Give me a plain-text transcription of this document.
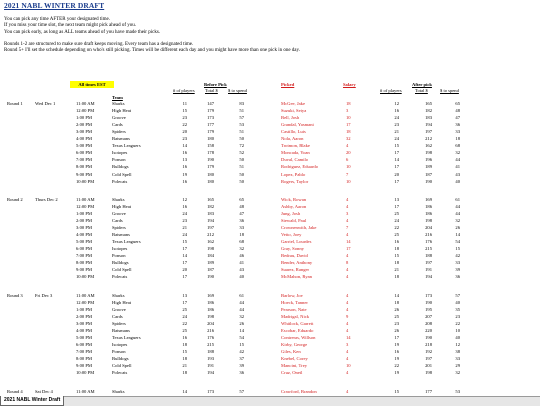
2021 NABL WINTER DRAFT
You can pick any time AFTER your designated time.
If you miss your time slot, the next team might pick ahead of you.
You can pick early, as long as ALL teams ahead of you have made their picks.

Rounds 1-2 are structured to make sure draft keeps moving. Every team has a designated time.
Round 5+ I'll set the schedule depending on who's still picking. Times will be different each day and you might have more than one pick in one day.
All times EST	Before Pick	Picked	Salary	After pick
# of players Total $ $ to spend	# of players	Total $	$ to spend
Team
Round 1	Wed Dec 1	11:00 AM	Sharks	11	147	83	McGee, Jake	18	12	165	65
12:00 PM	High Heat	15	179	51	Suzuki, Seiya	3	16	182	48
1:00 PM	Groove	23	173	57	Bell, Josh	10	24	183	47
2:00 PM	Cards	22	177	53	Grandal, Yasmani	17	23	194	36
3:00 PM	Spiders	20	179	51	Castillo, Luis	18	21	197	33
4:00 PM	Batsmans	23	180	50	Nola, Aaron	32	24	212	18
5:00 PM	Texas Leaguers	14	158	72	Trotmon, Blake	4	15	162	68
6:00 PM	Isotopes	16	178	52	Moncada, Yoan	20	17	198	32
7:00 PM	Ponson	13	190	50	Duval, Camilo	6	14	196	44
8:00 PM	Bulldogs	16	179	51	Rodriguez, Eduardo	10	17	189	41
9:00 PM	Cold Spell	19	180	50	Lopez, Pablo	7	20	187	43
10:00 PM	Polecats	16	180	50	Rogers, Taylor	10	17	190	40
Round 2	Thurs Dec 2	11:00 AM	Sharks	12	165	65	Wick, Rowan	4	13	169	61
12:00 PM	High Heat	16	182	48	Ashby, Aaron	4	17	186	44
1:00 PM	Groove	24	183	47	Jung, Josh	3	25	186	44
2:00 PM	Cards	23	194	36	Siewald, Paul	4	24	198	32
3:00 PM	Spiders	21	197	33	Crownenwith, Jake	7	22	204	26
4:00 PM	Batsmans	24	212	18	Vetto, Joey	4	25	216	14
5:00 PM	Texas Leaguers	15	162	68	Garriel, Lourdes	14	16	176	54
6:00 PM	Isotopes	17	198	32	Gray, Sonny	17	18	215	15
7:00 PM	Ponson	14	184	46	Bedrau, David	4	15	188	42
8:00 PM	Bulldogs	17	189	41	Bender, Anthony	8	18	197	33
9:00 PM	Cold Spell	20	187	43	Suarez, Ranger	4	21	191	39
10:00 PM	Polecats	17	190	40	McMahon, Ryan	4	18	194	36
Round 3	Fri Dec 3	11:00 AM	Sharks	13	169	61	Barlow, Joe	4	14	173	57
12:00 PM	High Heat	17	186	44	Hoeck, Tanner	4	18	190	40
1:00 PM	Groove	25	186	44	Pearson, Nate	4	26	195	35
2:00 PM	Cards	24	198	32	Madrigal, Nick	9	25	207	23
3:00 PM	Spiders	22	204	26	Whitlock, Garrett	4	23	208	22
4:00 PM	Batsmans	25	216	14	Escobar, Eduardo	4	26	220	10
5:00 PM	Texas Leaguers	16	176	54	Contreras, Willson	14	17	190	40
6:00 PM	Isotopes	18	215	15	Kirby, George	3	19	218	12
7:00 PM	Ponson	15	188	42	Giles, Ken	4	16	192	38
8:00 PM	Bulldogs	18	193	37	Knebel, Corey	4	19	197	33
9:00 PM	Cold Spell	21	191	39	Mancini, Trey	10	22	201	29
10:00 PM	Polecats	18	194	36	Cruz, Oneil	4	19	198	32
Round 4	Sat Dec 4	11:00 AM	Sharks	14	173	57	Crawford, Brandon	4	15	177	53
2021 NABL Winter Draft
